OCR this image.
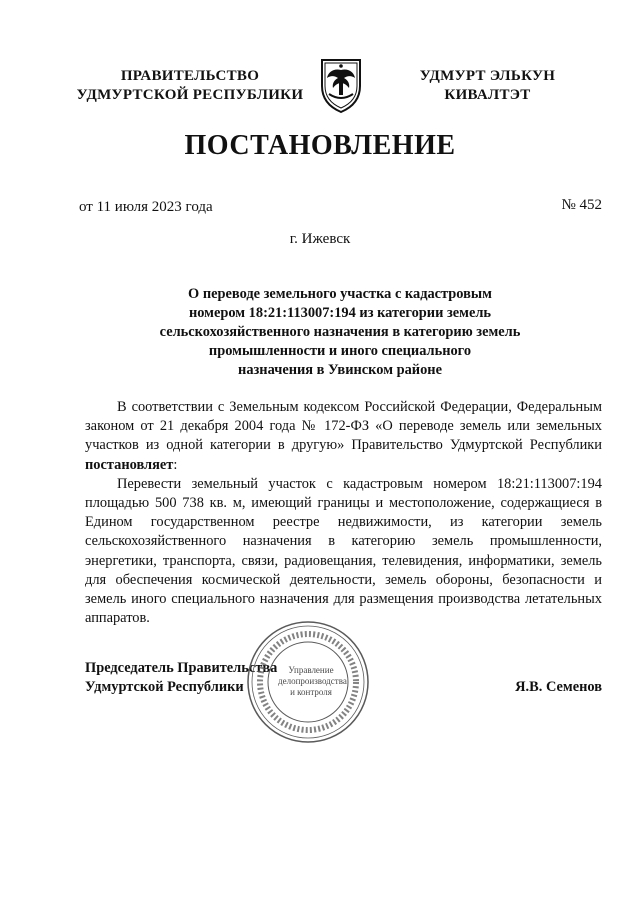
ПРАВИТЕЛЬСТВО
УДМУРТСКОЙ РЕСПУБЛИКИ
УДМУРТ ЭЛЬКУН
КИВАЛТЭТ
ПОСТАНОВЛЕНИЕ
от 11 июля 2023 года	№ 452
г. Ижевск
О переводе земельного участка с кадастровым
номером 18:21:113007:194 из категории земель
сельскохозяйственного назначения в категорию земель
промышленности и иного специального
назначения в Увинском районе

В соответствии с Земельным кодексом Российской Федерации, Федеральным законом от 21 декабря 2004 года № 172-ФЗ «О переводе земель или земельных участков из одной категории в другую» Правительство Удмуртской Республики постановляет:

Перевести земельный участок с кадастровым номером 18:21:113007:194 площадью 500 738 кв. м, имеющий границы и местоположение, содержащиеся в Едином государственном реестре недвижимости, из категории земель сельскохозяйственного назначения в категорию земель промышленности, энергетики, транспорта, связи, радиовещания, телевидения, информатики, земель для обеспечения космической деятельности, земель обороны, безопасности и земель иного специального назначения для размещения производства летательных аппаратов.

Председатель Правительства
Удмуртской Республики	Я.В. Семенов
Управление
делопроизводства
и контроля
